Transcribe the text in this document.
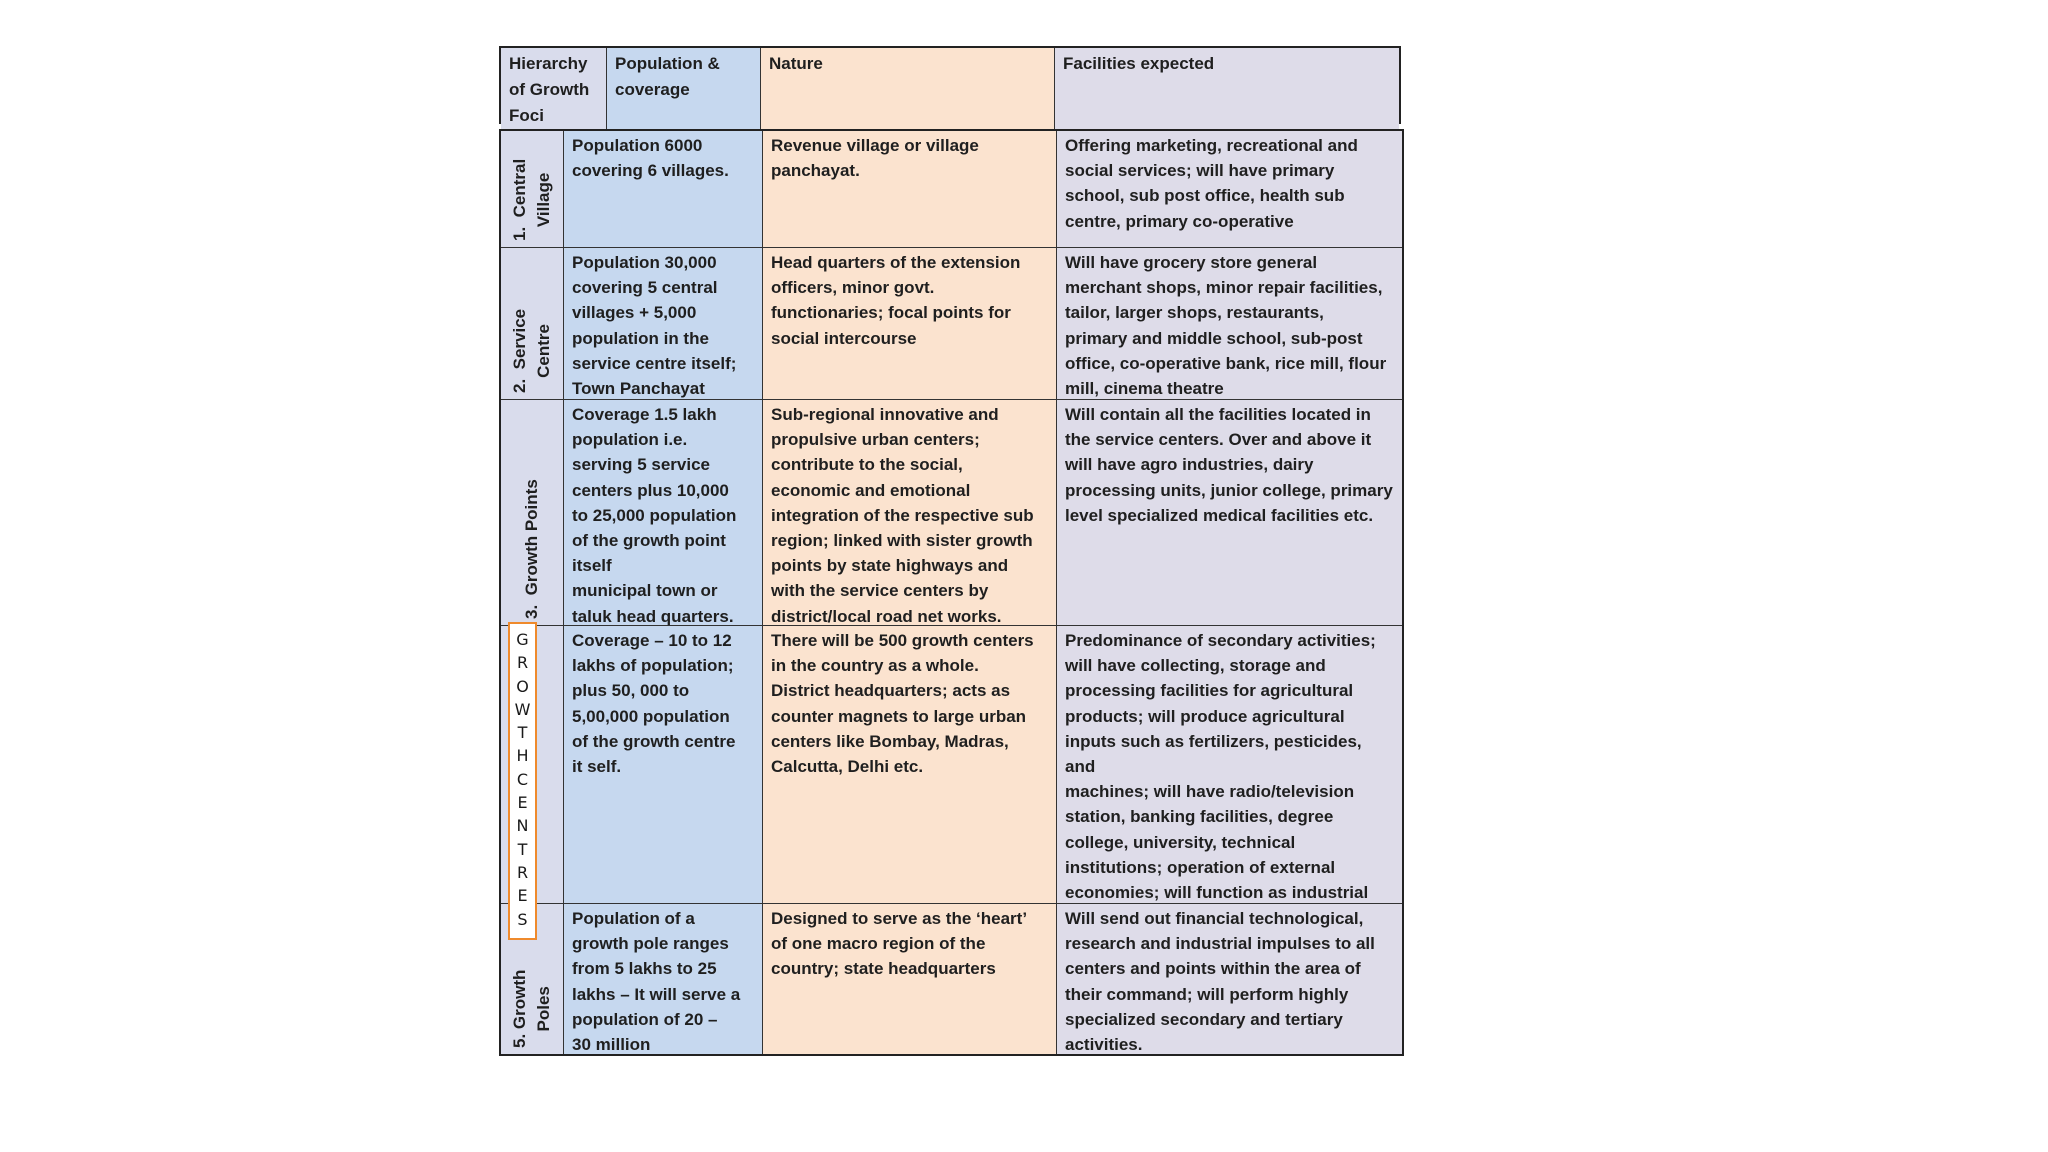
Hierarchy
of Growth
Foci
Population &
coverage
Nature	Facilities expected
1.  Central
Village
Population 6000
covering 6 villages.
Revenue village or village
panchayat.
Offering marketing, recreational and
social services; will have primary
school, sub post office, health sub
centre, primary co-operative
2.  Service
Centre
Population 30,000
covering 5 central
villages + 5,000
population in the
service centre itself;
Town Panchayat
Head quarters of the extension
officers, minor govt.
functionaries; focal points for
social intercourse
Will have grocery store general
merchant shops, minor repair facilities,
tailor, larger shops, restaurants,
primary and middle school, sub-post
office, co-operative bank, rice mill, flour
mill, cinema theatre
3.  Growth Points
Coverage 1.5 lakh
population i.e.
serving 5 service
centers plus 10,000
to 25,000 population
of the growth point
itself
municipal town or
taluk head quarters.
Sub-regional innovative and
propulsive urban centers;
contribute to the social,
economic and emotional
integration of the respective sub
region; linked with sister growth
points by state highways and
with the service centers by
district/local road net works.
Will contain all the facilities located in
the service centers. Over and above it
will have agro industries, dairy
processing units, junior college, primary
level specialized medical facilities etc.
Coverage – 10 to 12
lakhs of population;
plus 50, 000 to
5,00,000 population
of the growth centre
it self.
There will be 500 growth centers
in the country as a whole.
District headquarters; acts as
counter magnets to large urban
centers like Bombay, Madras,
Calcutta, Delhi etc.
Predominance of secondary activities;
will have collecting, storage and
processing facilities for agricultural
products; will produce agricultural
inputs such as fertilizers, pesticides, and
machines; will have radio/television
station, banking facilities, degree
college, university, technical
institutions; operation of external
economies; will function as industrial

5. Growth
Poles
Population of a
growth pole ranges
from 5 lakhs to 25
lakhs – It will serve a
population of 20 –
30 million
Designed to serve as the ‘heart’
of one macro region of the
country; state headquarters
Will send out financial technological,
research and industrial impulses to all
centers and points within the area of
their command; will perform highly
specialized secondary and tertiary
activities.
G
R
O
W
T
H
C
E
N
T
R
E
S
